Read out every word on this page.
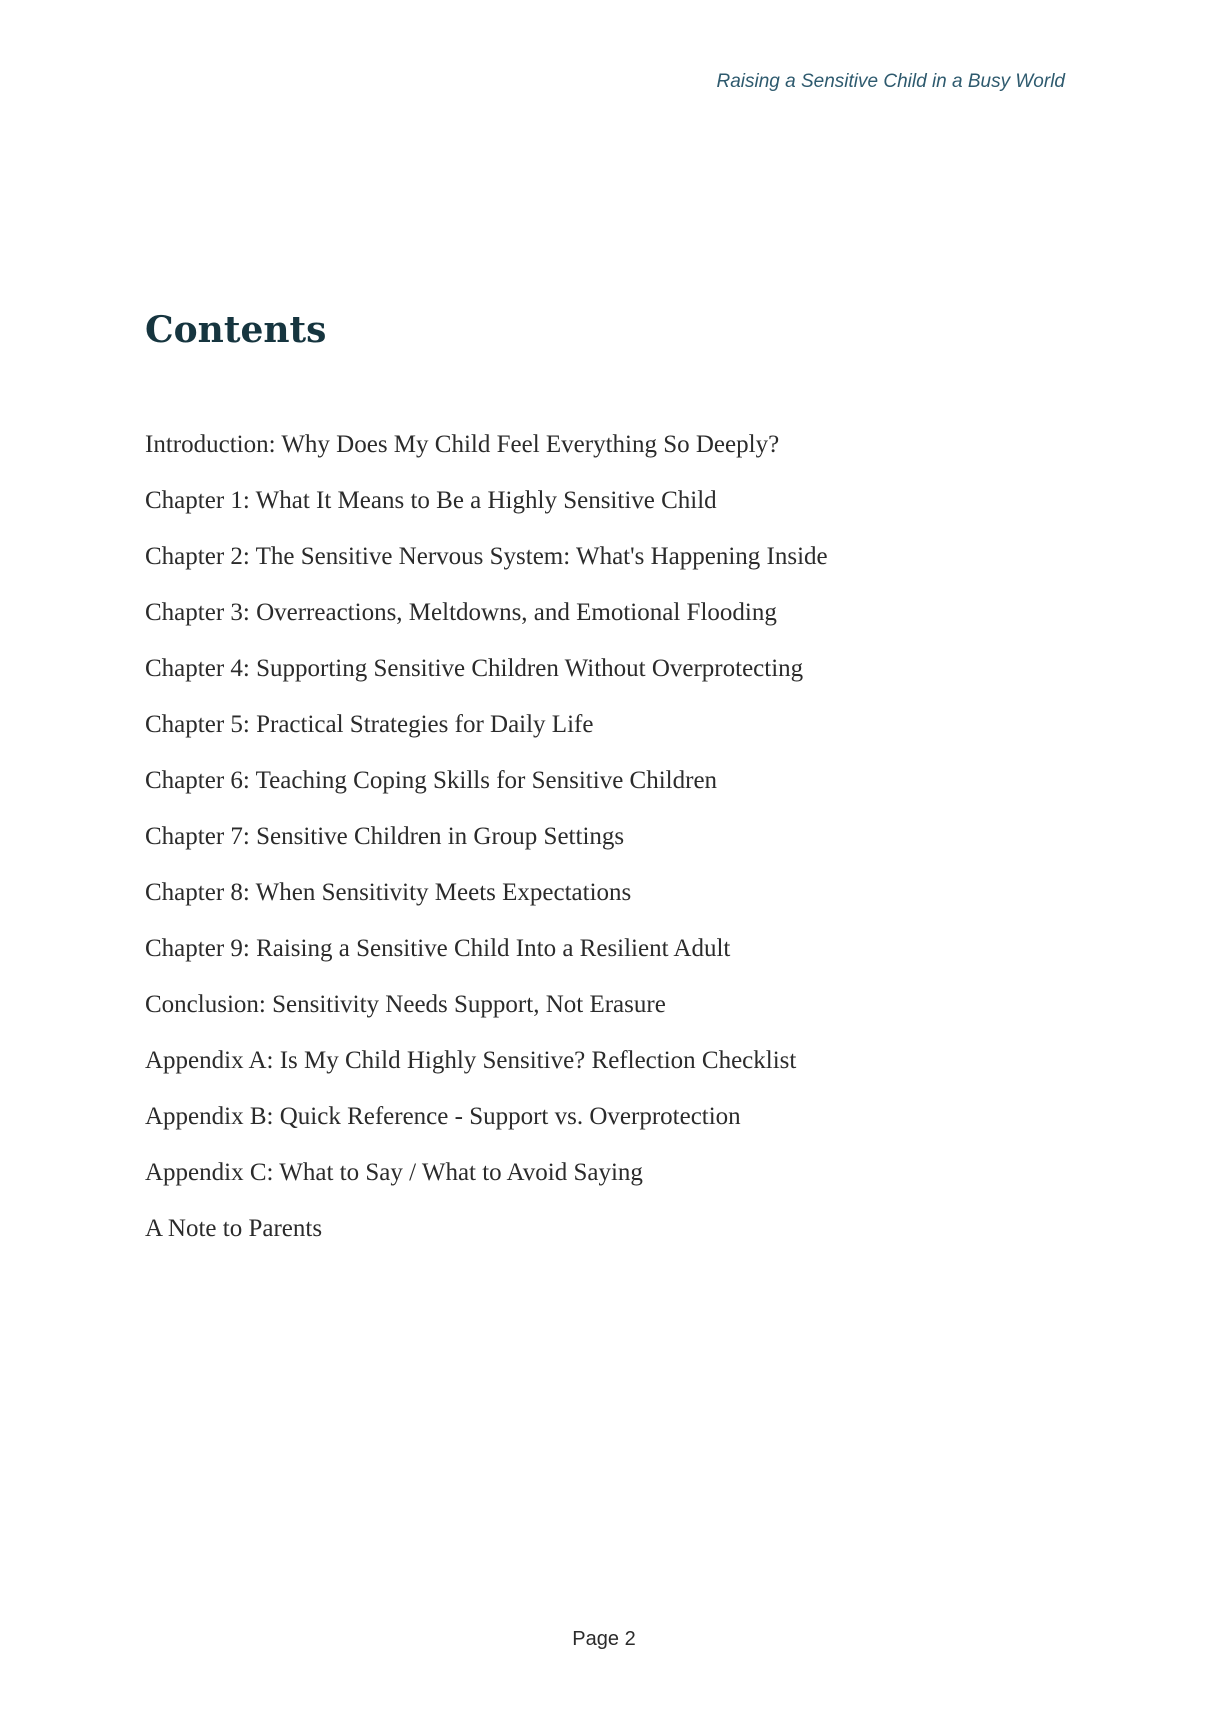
Raising a Sensitive Child in a Busy World
Contents
Introduction: Why Does My Child Feel Everything So Deeply?
Chapter 1: What It Means to Be a Highly Sensitive Child
Chapter 2: The Sensitive Nervous System: What's Happening Inside
Chapter 3: Overreactions, Meltdowns, and Emotional Flooding
Chapter 4: Supporting Sensitive Children Without Overprotecting
Chapter 5: Practical Strategies for Daily Life
Chapter 6: Teaching Coping Skills for Sensitive Children
Chapter 7: Sensitive Children in Group Settings
Chapter 8: When Sensitivity Meets Expectations
Chapter 9: Raising a Sensitive Child Into a Resilient Adult
Conclusion: Sensitivity Needs Support, Not Erasure
Appendix A: Is My Child Highly Sensitive? Reflection Checklist
Appendix B: Quick Reference - Support vs. Overprotection
Appendix C: What to Say / What to Avoid Saying
A Note to Parents
Page 2
